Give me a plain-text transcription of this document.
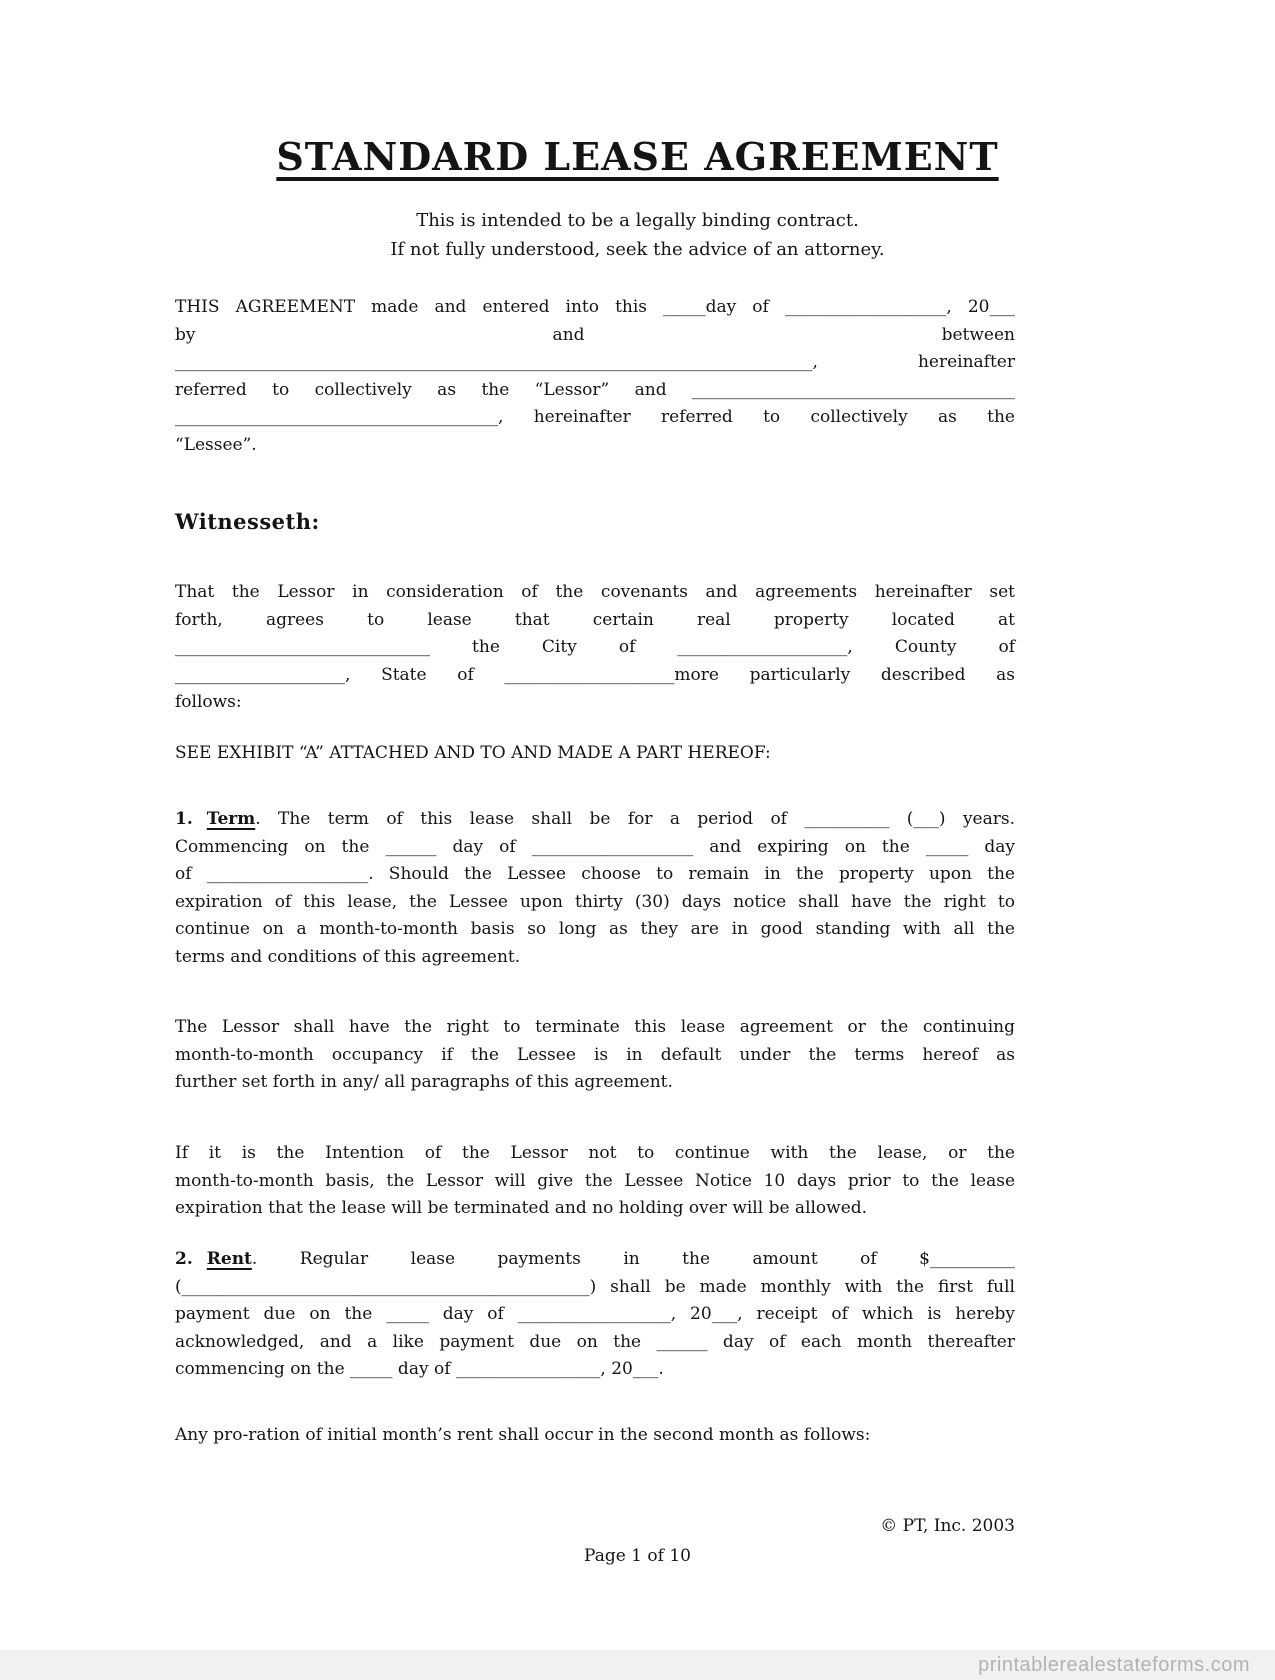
STANDARD LEASE AGREEMENT
This is intended to be a legally binding contract.
If not fully understood, seek the advice of an attorney.
THIS AGREEMENT made and entered into this _____day of ___________________, 20___
by and between
___________________________________________________________________________, hereinafter
referred to collectively as the “Lessor” and ______________________________________
______________________________________, hereinafter referred to collectively as the
“Lessee”.
Witnesseth:
That the Lessor in consideration of the covenants and agreements hereinafter set
forth, agrees to lease that certain real property located at
______________________________ the City of ____________________, County of
____________________, State of ____________________more particularly described as
follows:
SEE EXHIBIT “A” ATTACHED AND TO AND MADE A PART HEREOF:
1. Term. The term of this lease shall be for a period of __________ (___) years.
Commencing on the ______ day of ___________________ and expiring on the _____ day
of ___________________. Should the Lessee choose to remain in the property upon the
expiration of this lease, the Lessee upon thirty (30) days notice shall have the right to
continue on a month-to-month basis so long as they are in good standing with all the
terms and conditions of this agreement.
The Lessor shall have the right to terminate this lease agreement or the continuing
month-to-month occupancy if the Lessee is in default under the terms hereof as
further set forth in any/ all paragraphs of this agreement.
If it is the Intention of the Lessor not to continue with the lease, or the
month-to-month basis, the Lessor will give the Lessee Notice 10 days prior to the lease
expiration that the lease will be terminated and no holding over will be allowed.
2. Rent. Regular lease payments in the amount of $__________
(________________________________________________) shall be made monthly with the first full
payment due on the _____ day of __________________, 20___, receipt of which is hereby
acknowledged, and a like payment due on the ______ day of each month thereafter
commencing on the _____ day of _________________, 20___.
Any pro-ration of initial month’s rent shall occur in the second month as follows:
© PT, Inc. 2003
Page 1 of 10
printablerealestateforms.com
